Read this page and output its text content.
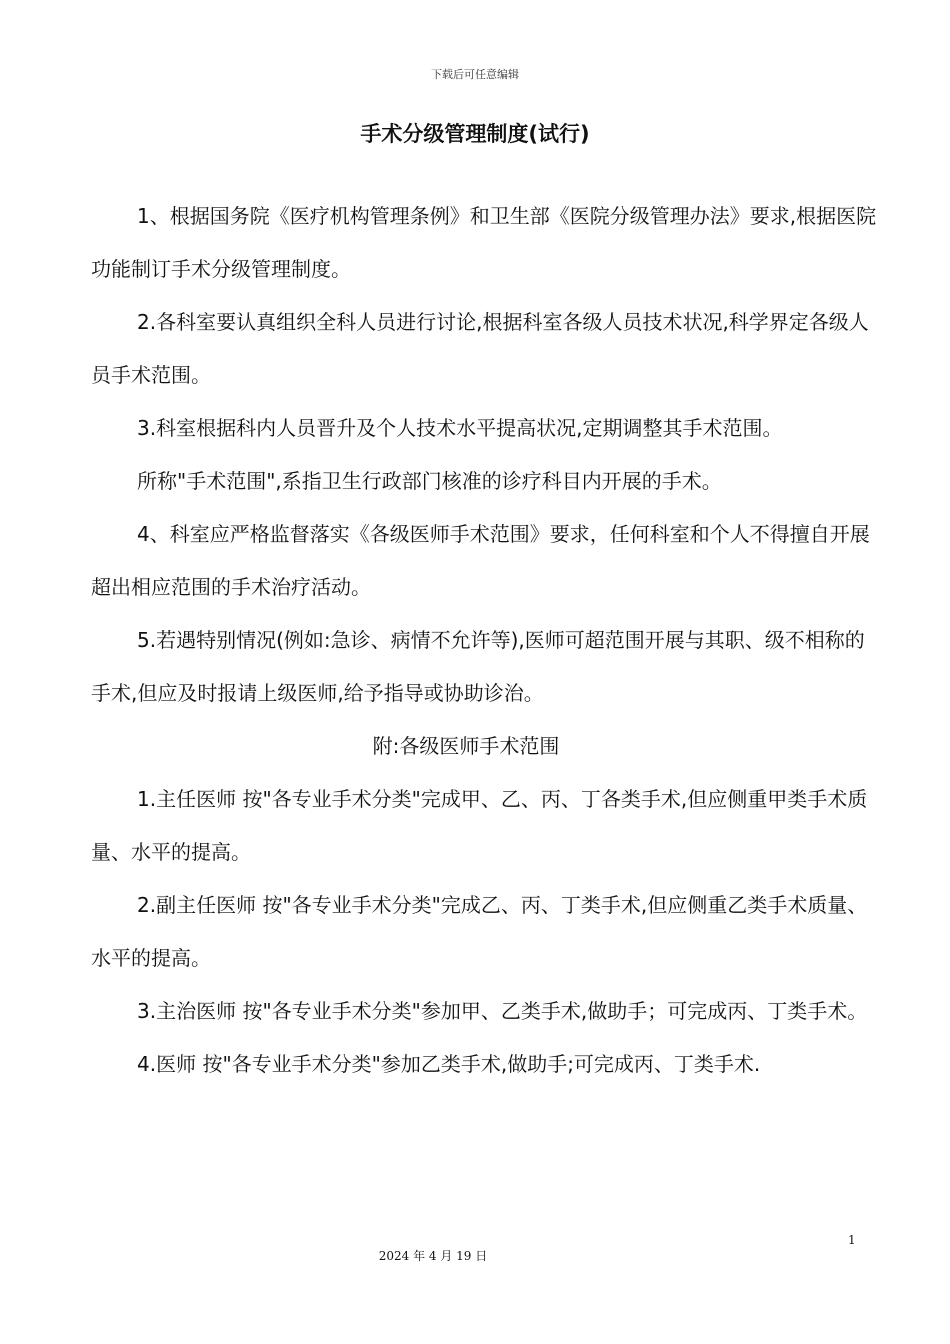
下载后可任意编辑
手术分级管理制度(试行)

1、根据国务院《医疗机构管理条例》和卫生部《医院分级管理办法》要求,根据医院功能制订手术分级管理制度。

2.各科室要认真组织全科人员进行讨论,根据科室各级人员技术状况,科学界定各级人员手术范围。

3.科室根据科内人员晋升及个人技术水平提高状况,定期调整其手术范围。

所称"手术范围",系指卫生行政部门核准的诊疗科目内开展的手术。

4、科室应严格监督落实《各级医师手术范围》要求，任何科室和个人不得擅自开展超出相应范围的手术治疗活动。

5.若遇特别情况(例如:急诊、病情不允许等),医师可超范围开展与其职、级不相称的手术,但应及时报请上级医师,给予指导或协助诊治。

附:各级医师手术范围

1.主任医师 按"各专业手术分类"完成甲、乙、丙、丁各类手术,但应侧重甲类手术质量、水平的提高。

2.副主任医师 按"各专业手术分类"完成乙、丙、丁类手术,但应侧重乙类手术质量、水平的提高。

3.主治医师 按"各专业手术分类"参加甲、乙类手术,做助手；可完成丙、丁类手术。

4.医师 按"各专业手术分类"参加乙类手术,做助手;可完成丙、丁类手术.

1
2024 年 4 月 19 日
